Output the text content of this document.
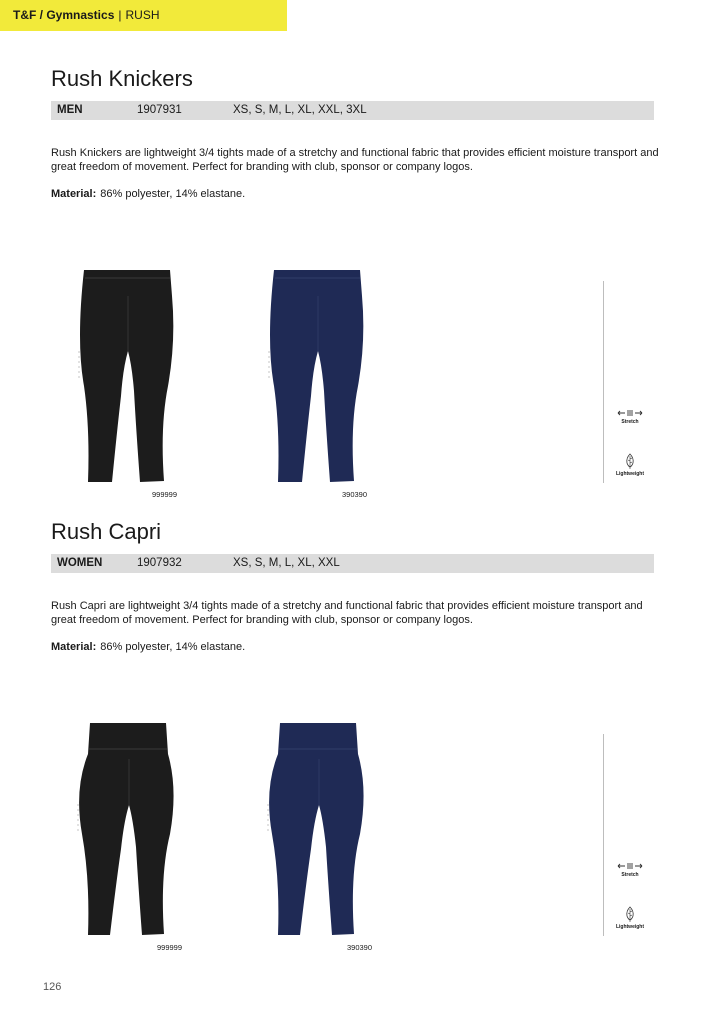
T&F / Gymnastics | RUSH
Rush Knickers
MEN	1907931	XS, S, M, L, XL, XXL, 3XL

Rush Knickers are lightweight 3/4 tights made of a stretchy and functional fabric that provides efficient moisture transport and great freedom of movement. Perfect for branding with club, sponsor or company logos.

Material: 86% polyester, 14% elastane.

999999	390390
Stretch
Lightweight
Rush Capri
WOMEN	1907932	XS, S, M, L, XL, XXL

Rush Capri are lightweight 3/4 tights made of a stretchy and functional fabric that provides efficient moisture transport and great freedom of movement. Perfect for branding with club, sponsor or company logos.

Material: 86% polyester, 14% elastane.

999999	390390
Stretch
Lightweight
126
